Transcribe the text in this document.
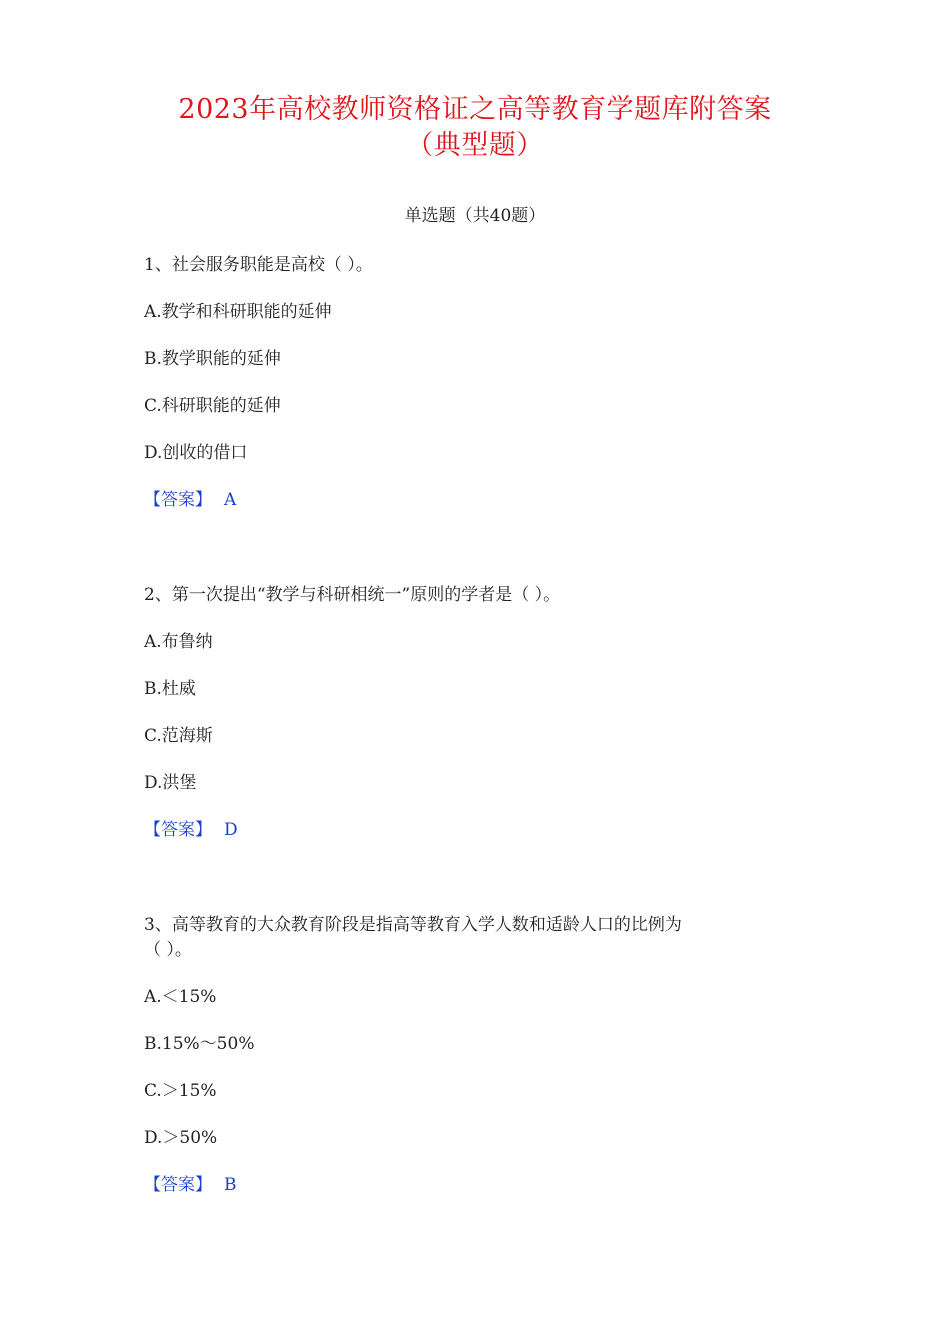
2023年高校教师资格证之高等教育学题库附答案
（典型题）
单选题（共40题）
1、社会服务职能是高校（ ）。
A.教学和科研职能的延伸
B.教学职能的延伸
C.科研职能的延伸
D.创收的借口
【答案】 A
2、第一次提出“教学与科研相统一”原则的学者是（ ）。
A.布鲁纳
B.杜威
C.范海斯
D.洪堡
【答案】 D
3、高等教育的大众教育阶段是指高等教育入学人数和适龄人口的比例为
（ ）。
A.＜15%
B.15%～50%
C.＞15%
D.＞50%
【答案】 B
